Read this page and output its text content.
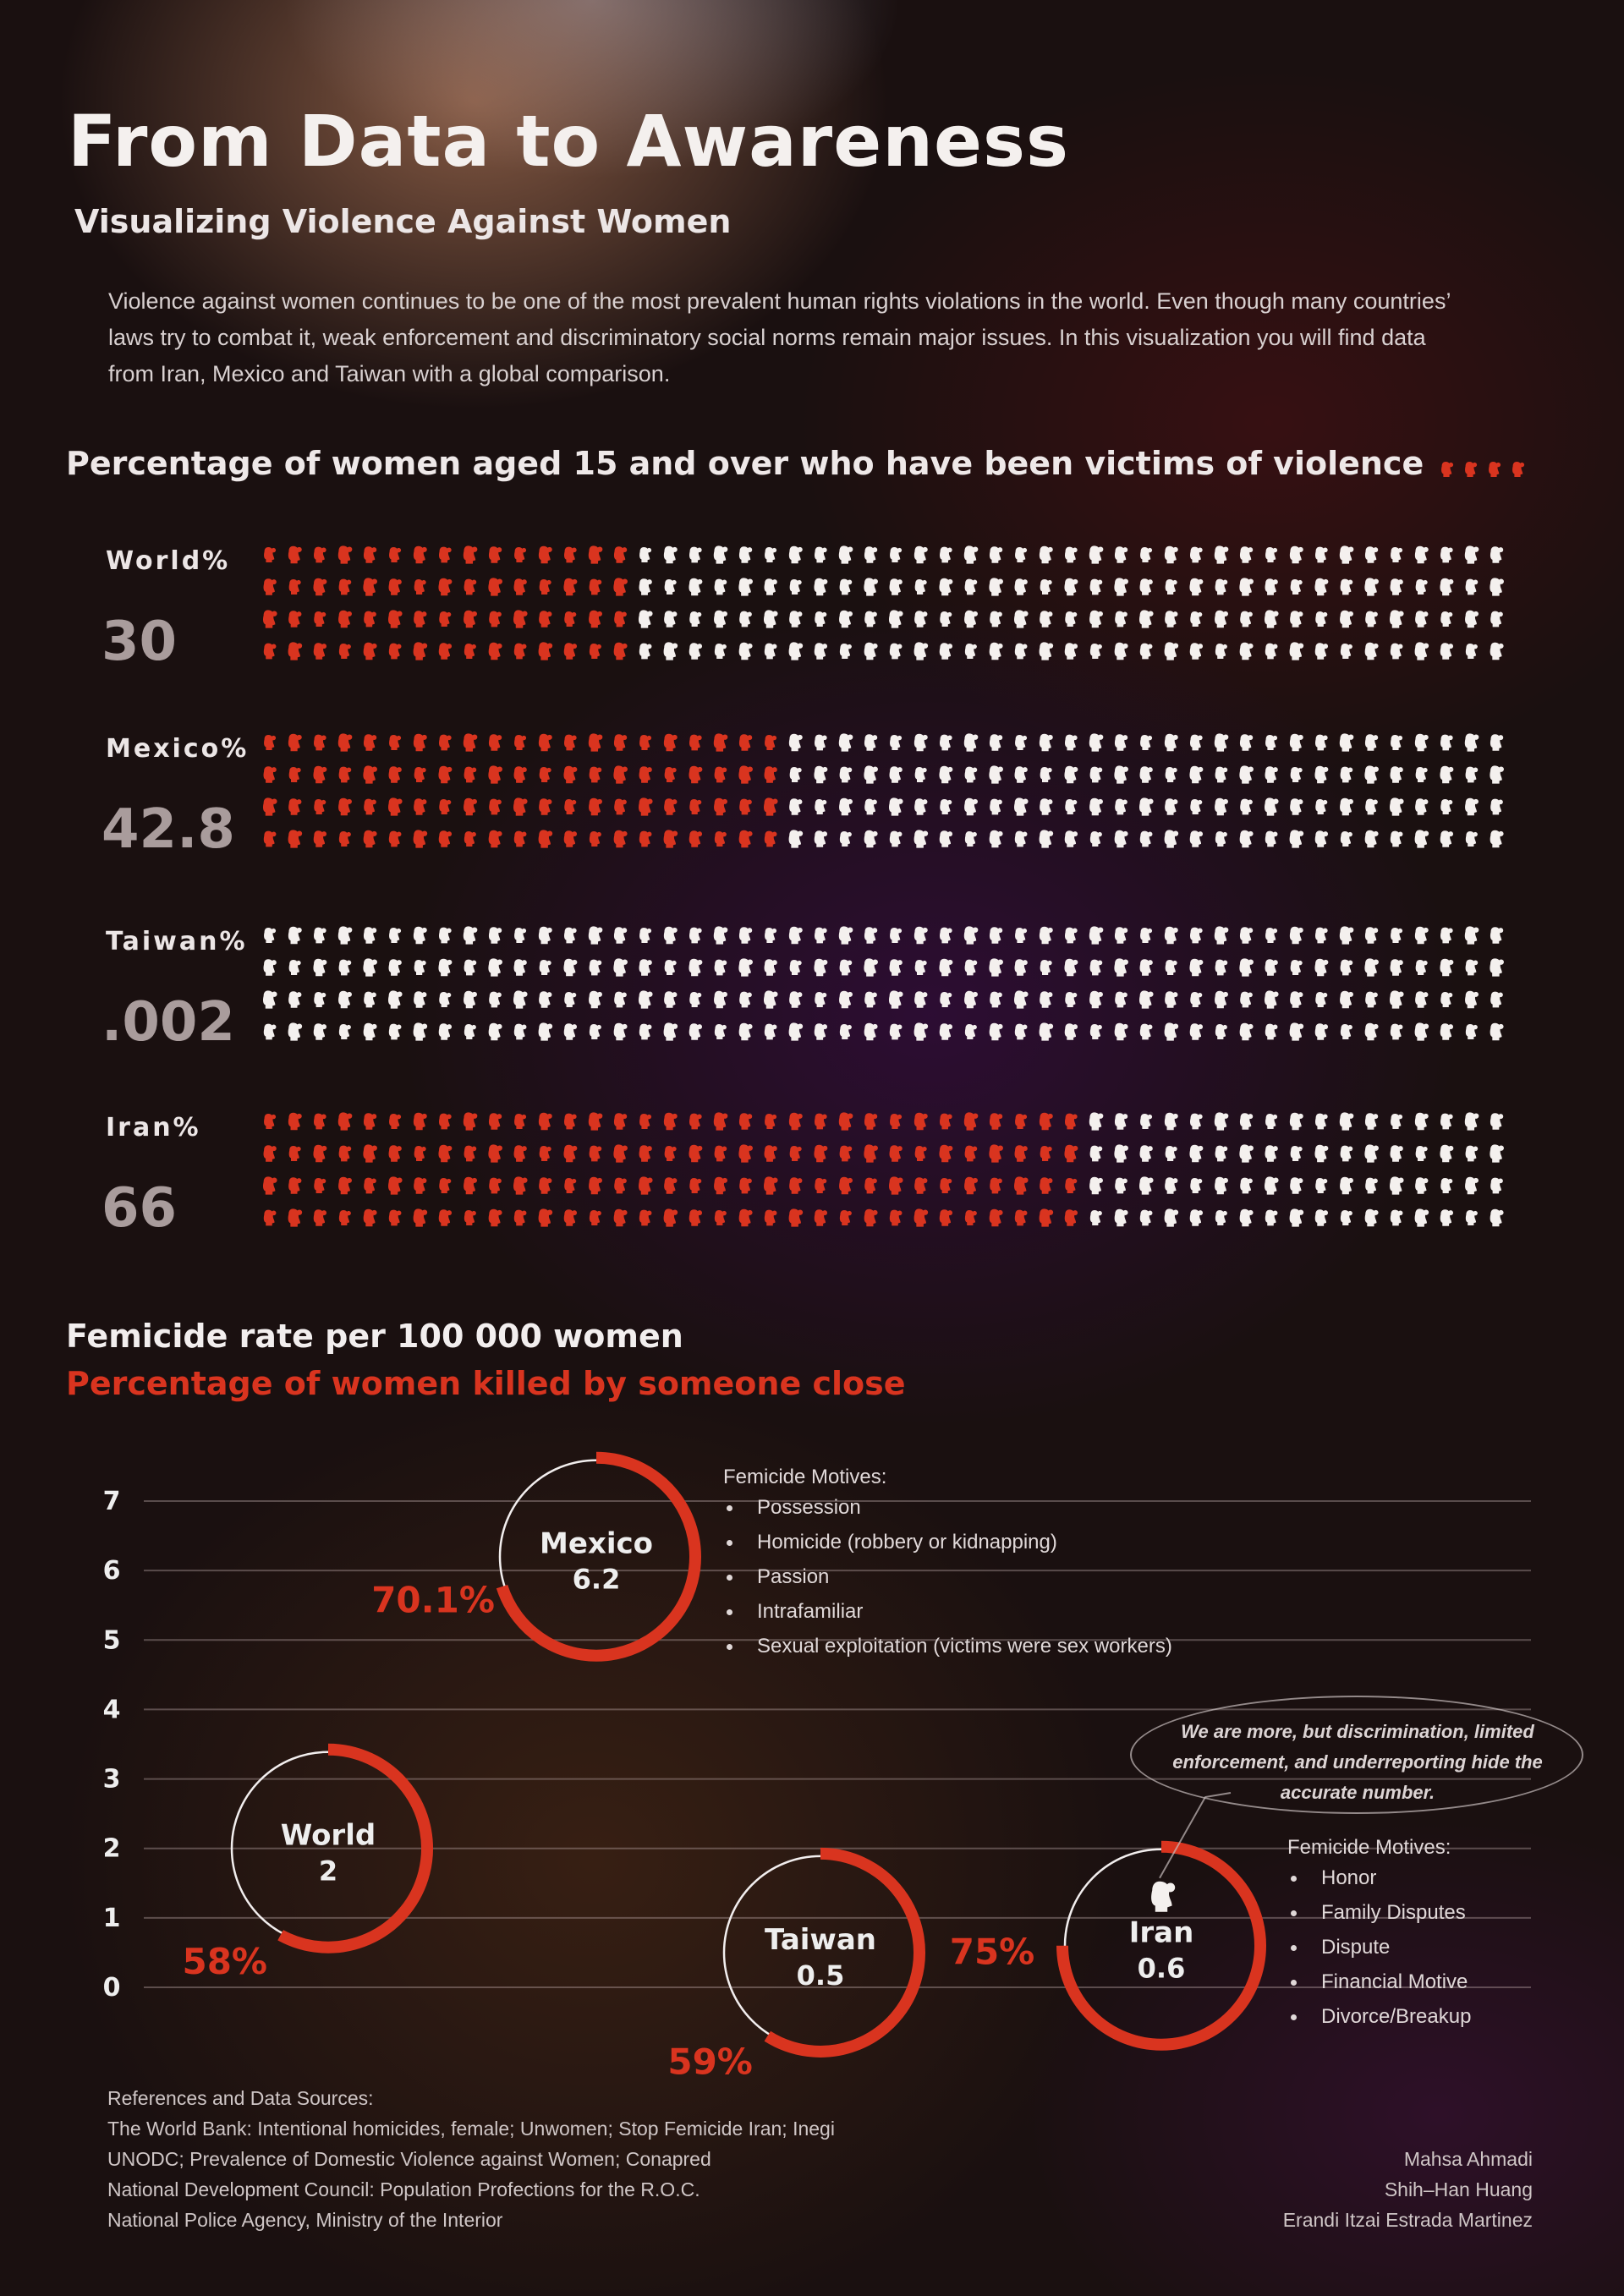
From Data to Awareness
Visualizing Violence Against Women
Violence against women continues to be one of the most prevalent human rights violations in the world. Even though many countries’ laws try to combat it, weak enforcement and discriminatory social norms remain major issues. In this visualization you will find data from Iran, Mexico and Taiwan with a global comparison.
Percentage of women aged 15 and over who have been victims of violence
World%
30
Mexico%
42.8
Taiwan%
.002
Iran%
66
Femicide rate per 100 000 women
Percentage of women killed by someone close
0
1
2
3
4
5
6
7
Mexico
6.2
70.1%
World
2
58%
Taiwan
0.5
59%
Iran
0.6
75%
Femicide Motives:
Possession
Homicide (robbery or kidnapping)
Passion
Intrafamiliar
Sexual exploitation (victims were sex workers)
We are more, but discrimination, limited enforcement, and underreporting hide the accurate number.
Femicide Motives:
Honor
Family Disputes
Dispute
Financial Motive
Divorce/Breakup
References and Data Sources:
The World Bank: Intentional homicides, female; Unwomen; Stop Femicide Iran; Inegi
UNODC; Prevalence of Domestic Violence against Women; Conapred
National Development Council: Population Profections for the R.O.C.
National Police Agency, Ministry of the Interior
Mahsa Ahmadi
Shih–Han Huang
Erandi Itzai Estrada Martinez
